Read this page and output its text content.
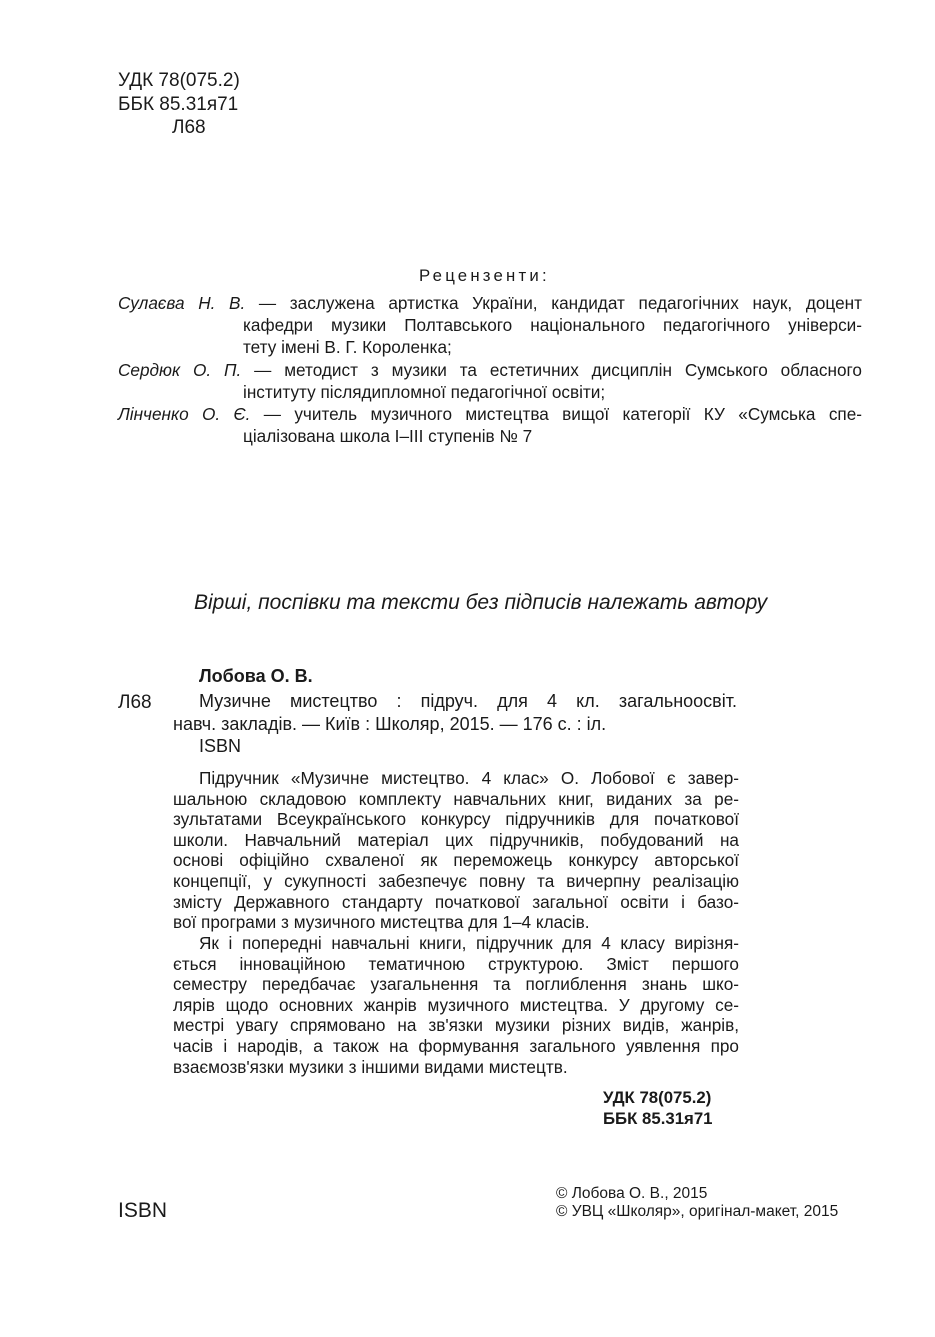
УДК 78(075.2)
ББК 85.31я71
Л68
Рецензенти:
Сулаєва Н. В. — заслужена артистка України, кандидат педагогічних наук, доцент
кафедри музики Полтавського національного педагогічного універси-
тету імені В. Г. Короленка;
Сердюк О. П. — методист з музики та естетичних дисциплін Сумського обласного
інституту післядипломної педагогічної освіти;
Лінченко О. Є. — учитель музичного мистецтва вищої категорії КУ «Сумська спе-
ціалізована школа І–ІІІ ступенів № 7
Вірші, поспівки та тексти без підписів належать автору
Лобова О. В.
Л68	Музичне мистецтво : підруч. для 4 кл. загальноосвіт.
навч. закладів. — Київ : Школяр, 2015. — 176 с. : іл.
ISBN
Підручник «Музичне мистецтво. 4 клас» О. Лобової є завер-
шальною складовою комплекту навчальних книг, виданих за ре-
зультатами Всеукраїнського конкурсу підручників для початкової
школи. Навчальний матеріал цих підручників, побудований на
основі офіційно схваленої як переможець конкурсу авторської
концепції, у сукупності забезпечує повну та вичерпну реалізацію
змісту Державного стандарту початкової загальної освіти і базо-
вої програми з музичного мистецтва для 1–4 класів.
Як і попередні навчальні книги, підручник для 4 класу вирізня-
ється інноваційною тематичною структурою. Зміст першого
семестру передбачає узагальнення та поглиблення знань шко-
лярів щодо основних жанрів музичного мистецтва. У другому се-
местрі увагу спрямовано на зв'язки музики різних видів, жанрів,
часів і народів, а також на формування загального уявлення про
взаємозв'язки музики з іншими видами мистецтв.
УДК 78(075.2)
ББК 85.31я71
ISBN
© Лобова О. В., 2015
© УВЦ «Школяр», оригінал-макет, 2015
